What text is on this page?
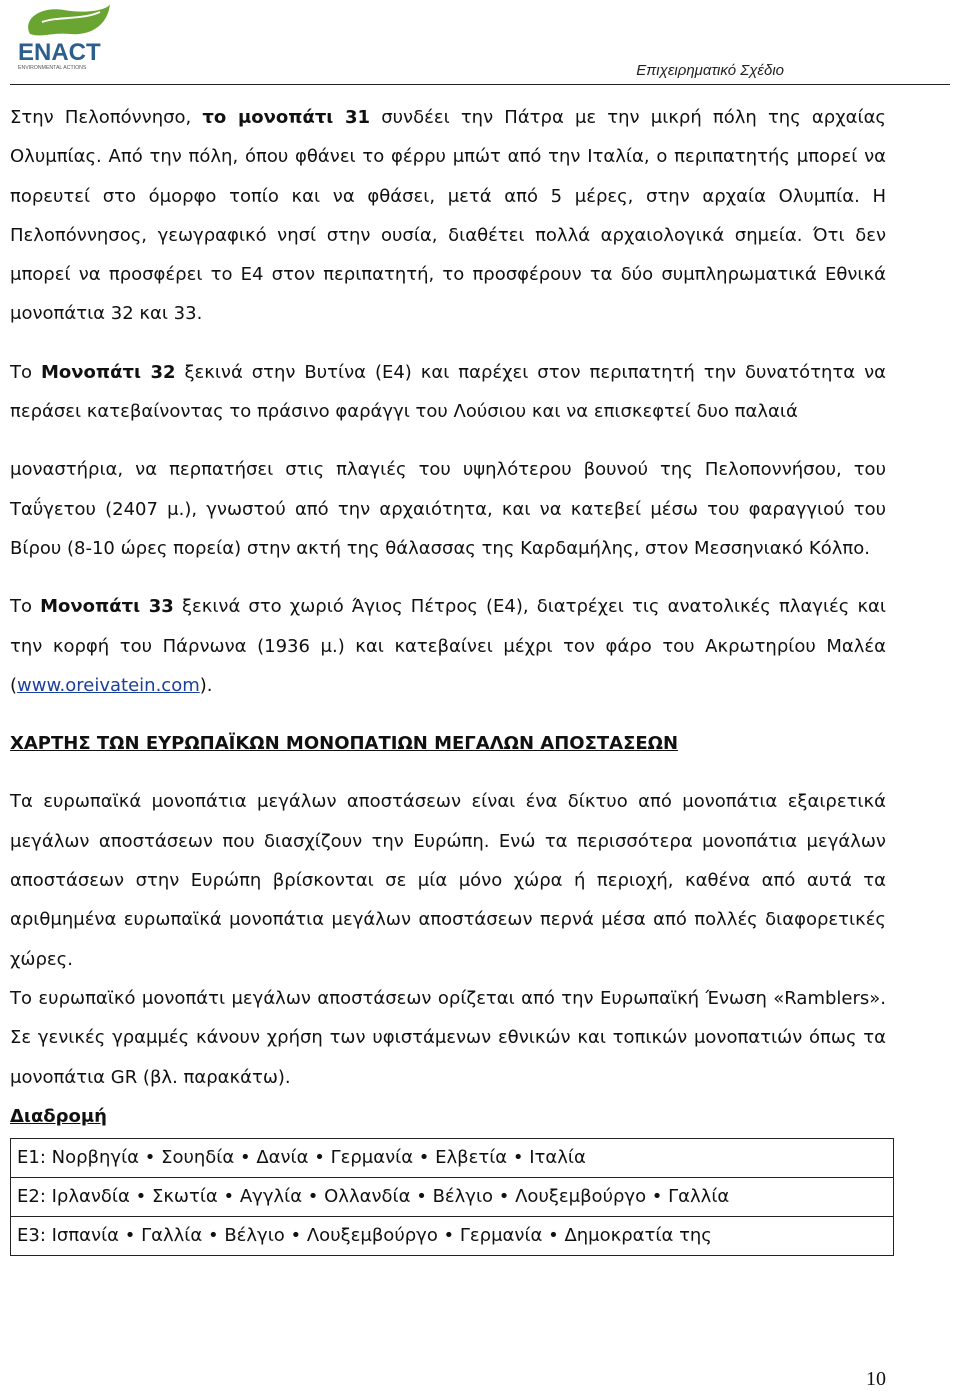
ENACT
ENVIRONMENTAL ACTIONS	Επιχειρηματικό Σχέδιο

Στην Πελοπόννησο, το μονοπάτι 31 συνδέει την Πάτρα με την μικρή πόλη της αρχαίας Ολυμπίας. Από την πόλη, όπου φθάνει το φέρρυ μπώτ από την Ιταλία, ο περιπατητής μπορεί να πορευτεί στο όμορφο τοπίο και να φθάσει, μετά από 5 μέρες, στην αρχαία Ολυμπία. Η Πελοπόννησος, γεωγραφικό νησί στην ουσία, διαθέτει πολλά αρχαιολογικά σημεία. Ότι δεν μπορεί να προσφέρει το Ε4 στον περιπατητή, το προσφέρουν τα δύο συμπληρωματικά Εθνικά μονοπάτια 32 και 33.

Το Μονοπάτι 32 ξεκινά στην Βυτίνα (Ε4) και παρέχει στον περιπατητή την δυνατότητα να περάσει κατεβαίνοντας το πράσινο φαράγγι του Λούσιου και να επισκεφτεί δυο παλαιά

μοναστήρια, να περπατήσει στις πλαγιές του υψηλότερου βουνού της Πελοποννήσου, του Ταΰγετου (2407 μ.), γνωστού από την αρχαιότητα, και να κατεβεί μέσω του φαραγγιού του Βίρου (8-10 ώρες πορεία) στην ακτή της θάλασσας της Καρδαμήλης, στον Μεσσηνιακό Κόλπο.

Το Μονοπάτι 33 ξεκινά στο χωριό Άγιος Πέτρος (Ε4), διατρέχει τις ανατολικές πλαγιές και την κορφή του Πάρνωνα (1936 μ.) και κατεβαίνει μέχρι τον φάρο του Ακρωτηρίου Μαλέα (www.oreivatein.com).

ΧΑΡΤΗΣ ΤΩΝ ΕΥΡΩΠΑΪΚΩΝ ΜΟΝΟΠΑΤΙΩΝ ΜΕΓΑΛΩΝ ΑΠΟΣΤΑΣΕΩΝ

Τα ευρωπαϊκά μονοπάτια μεγάλων αποστάσεων είναι ένα δίκτυο από μονοπάτια εξαιρετικά μεγάλων αποστάσεων που διασχίζουν την Ευρώπη. Ενώ τα περισσότερα μονοπάτια μεγάλων αποστάσεων στην Ευρώπη βρίσκονται σε μία μόνο χώρα ή περιοχή, καθένα από αυτά τα αριθμημένα ευρωπαϊκά μονοπάτια μεγάλων αποστάσεων περνά μέσα από πολλές διαφορετικές χώρες.

Το ευρωπαϊκό μονοπάτι μεγάλων αποστάσεων ορίζεται από την Ευρωπαϊκή Ένωση «Ramblers». Σε γενικές γραμμές κάνουν χρήση των υφιστάμενων εθνικών και τοπικών μονοπατιών όπως τα μονοπάτια GR (βλ. παρακάτω).

Διαδρομή

Ε1: Νορβηγία • Σουηδία • Δανία • Γερμανία • Ελβετία • Ιταλία
Ε2: Ιρλανδία • Σκωτία • Αγγλία • Ολλανδία • Βέλγιο • Λουξεμβούργο • Γαλλία
Ε3: Ισπανία • Γαλλία • Βέλγιο • Λουξεμβούργο • Γερμανία • Δημοκρατία της
10
